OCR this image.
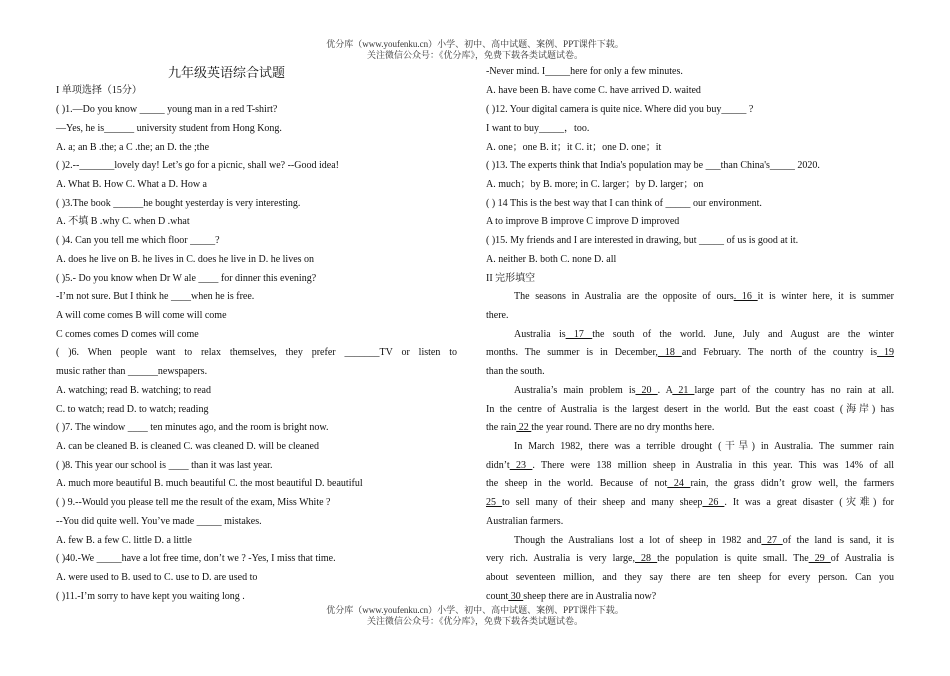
优分库（www.youfenku.cn）小学、初中、高中试题、案例、PPT课件下载。
关注微信公众号：《优分库》，免费下载各类试题试卷。
九年级英语综合试题
I 单项选择（15分）
( )1.—Do you know _____ young man in a red T-shirt?
—Yes, he is______ university student from Hong Kong.
A. a; an B .the; a C .the; an D. the ;the
( )2.--_______lovely day! Let’s go for a picnic, shall we? --Good idea!
A. What B. How C. What a D. How a
( )3.The book ______he bought yesterday is very interesting.
A. 不填 B .why C. when D .what
( )4. Can you tell me which floor _____?
A. does he live on B. he lives in C. does he live in D. he lives on
( )5.- Do you know when Dr W ale ____ for dinner this evening?
-I’m not sure. But I think he ____when he is free.
A will come comes B will come will come
C comes comes D comes will come
( )6. When people want to relax themselves, they prefer _______TV or listen to
music rather than ______newspapers.
A. watching; read B. watching; to read
C. to watch; read D. to watch; reading
( )7. The window ____ ten minutes ago, and the room is bright now.
A. can be cleaned B. is cleaned C. was cleaned D. will be cleaned
( )8. This year our school is ____ than it was last year.
A. much more beautiful B. much beautiful C. the most beautiful D. beautiful
( ) 9.--Would you please tell me the result of the exam, Miss White ?
--You did quite well. You’ve made _____ mistakes.
A. few B. a few C. little D. a little
( )40.-We _____have a lot free time, don’t we ? -Yes, I miss that time.
A. were used to B. used to C. use to D. are used to
( )11.-I’m sorry to have kept you waiting long .
-Never mind. I_____here for only a few minutes.
A. have been B. have come C. have arrived D. waited
( )12. Your digital camera is quite nice. Where did you buy_____ ?
I want to buy_____，too.
A. one；one B. it；it C. it；one D. one；it
( )13. The experts think that India's population may be ___than China's_____ 2020.
A. much；by B. more; in C. larger；by D. larger；on
( ) 14 This is the best way that I can think of _____ our environment.
A to improve B improve C improve D improved
( )15. My friends and I are interested in drawing, but _____ of us is good at it.
A. neither B. both C. none D. all
II 完形填空
The seasons in Australia are the opposite of ours. 16 it is winter here, it is summer
there.
Australia is 17 the south of the world. June, July and August are the winter
months. The summer is in December, 18 and February. The north of the country is 19
than the south.
Australia’s main problem is 20 . A 21 large part of the country has no rain at all.
In the centre of Australia is the largest desert in the world. But the east coast (海岸) has
the rain 22 the year round. There are no dry months here.
In March 1982, there was a terrible drought (干旱) in Australia. The summer rain
didn’t 23 . There were 138 million sheep in Australia in this year. This was 14% of all
the sheep in the world. Because of not 24 rain, the grass didn’t grow well, the farmers
25 to sell many of their sheep and many sheep 26 . It was a great disaster (灾难) for
Australian farmers.
Though the Australians lost a lot of sheep in 1982 and 27 of the land is sand, it is
very rich. Australia is very large, 28 the population is quite small. The 29 of Australia is
about seventeen million, and they say there are ten sheep for every person. Can you
count 30 sheep there are in Australia now?
优分库（www.youfenku.cn）小学、初中、高中试题、案例、PPT课件下载。
关注微信公众号：《优分库》，免费下载各类试题试卷。
